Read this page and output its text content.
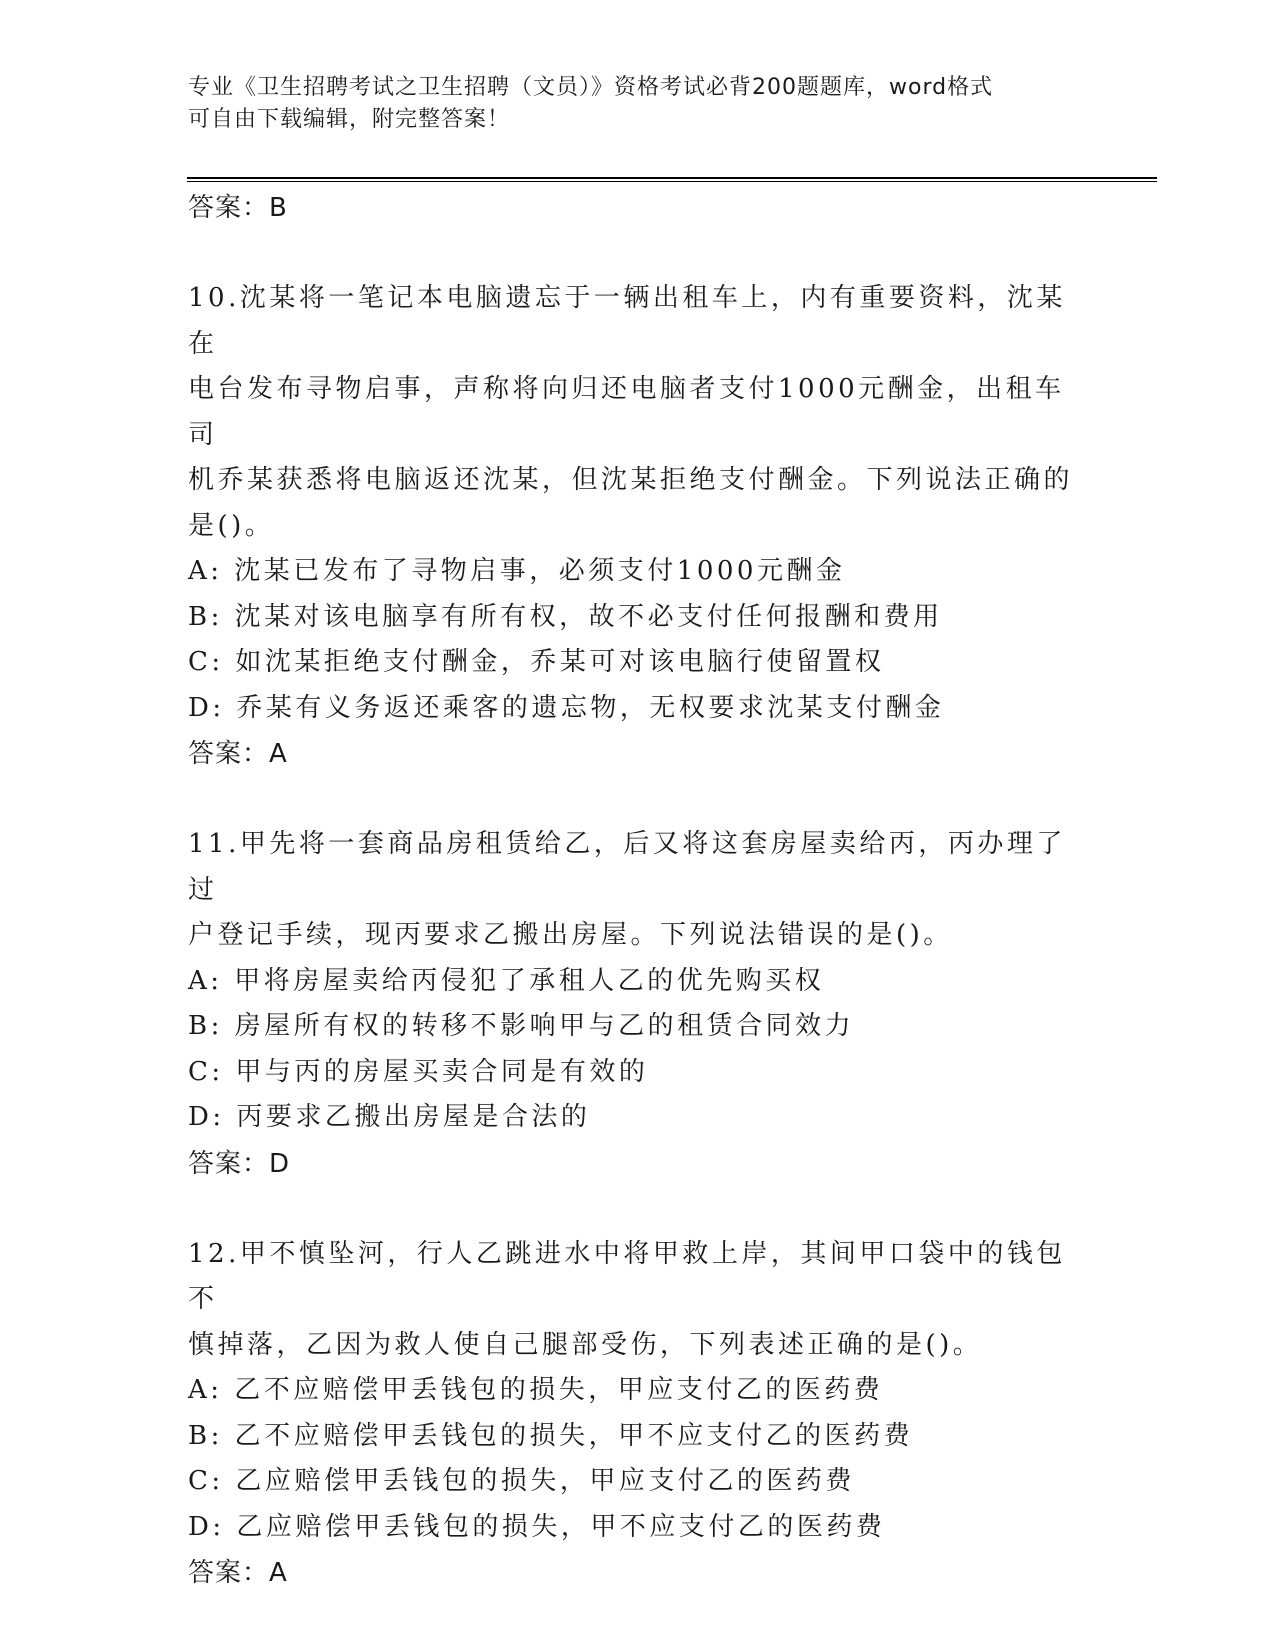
专业《卫生招聘考试之卫生招聘（文员）》资格考试必背200题题库，word格式
可自由下载编辑，附完整答案！
答案：B
10.沈某将一笔记本电脑遗忘于一辆出租车上，内有重要资料，沈某在
电台发布寻物启事，声称将向归还电脑者支付1000元酬金，出租车司
机乔某获悉将电脑返还沈某，但沈某拒绝支付酬金。下列说法正确的
是()。
A: 沈某已发布了寻物启事，必须支付1000元酬金
B: 沈某对该电脑享有所有权，故不必支付任何报酬和费用
C: 如沈某拒绝支付酬金，乔某可对该电脑行使留置权
D: 乔某有义务返还乘客的遗忘物，无权要求沈某支付酬金
答案：A
11.甲先将一套商品房租赁给乙，后又将这套房屋卖给丙，丙办理了过
户登记手续，现丙要求乙搬出房屋。下列说法错误的是()。
A: 甲将房屋卖给丙侵犯了承租人乙的优先购买权
B: 房屋所有权的转移不影响甲与乙的租赁合同效力
C: 甲与丙的房屋买卖合同是有效的
D: 丙要求乙搬出房屋是合法的
答案：D
12.甲不慎坠河，行人乙跳进水中将甲救上岸，其间甲口袋中的钱包不
慎掉落，乙因为救人使自己腿部受伤，下列表述正确的是()。
A: 乙不应赔偿甲丢钱包的损失，甲应支付乙的医药费
B: 乙不应赔偿甲丢钱包的损失，甲不应支付乙的医药费
C: 乙应赔偿甲丢钱包的损失，甲应支付乙的医药费
D: 乙应赔偿甲丢钱包的损失，甲不应支付乙的医药费
答案：A
